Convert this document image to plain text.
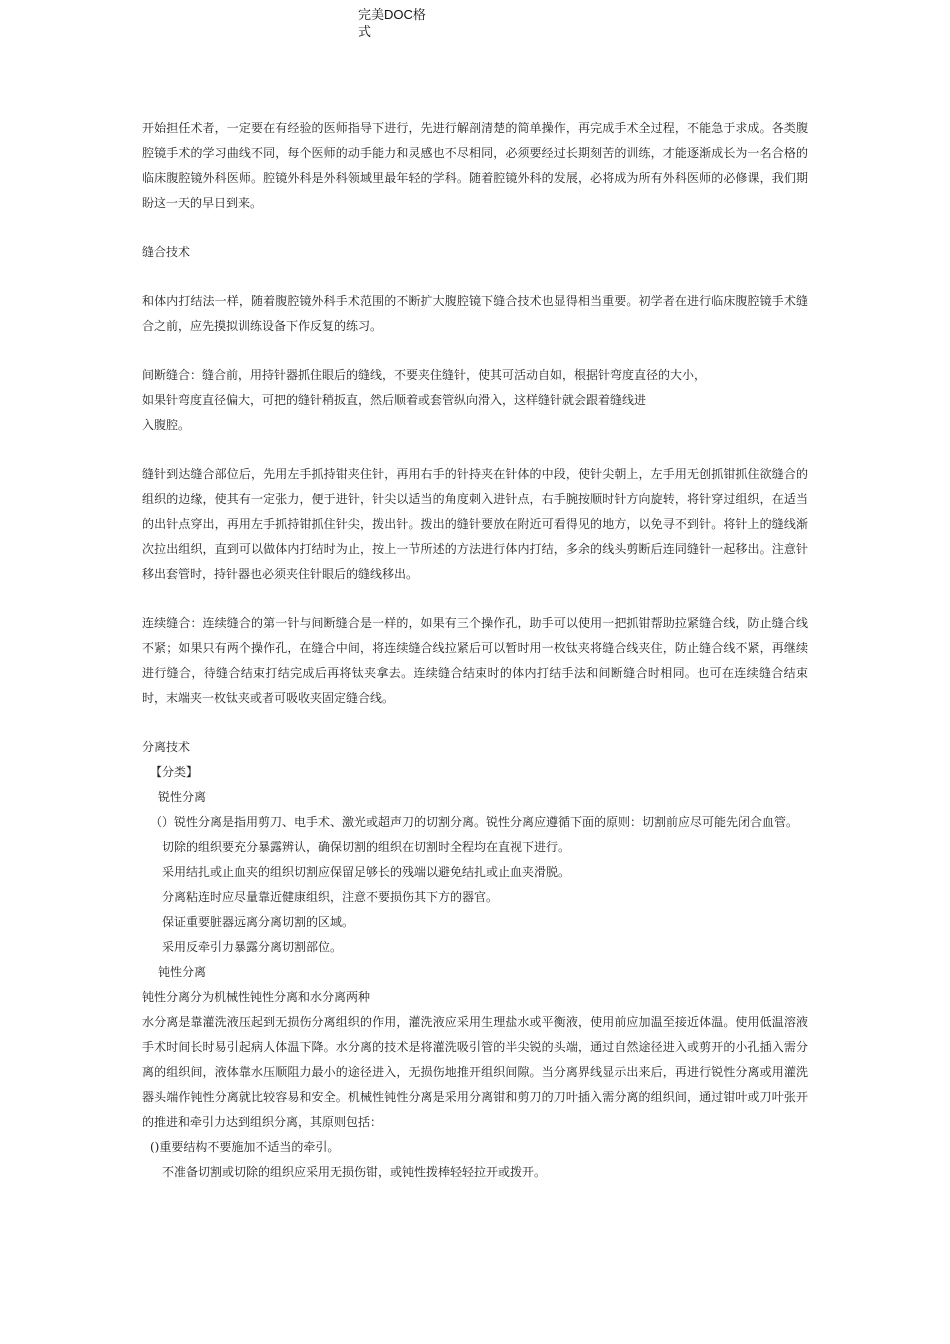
完美DOC格
式

开始担任术者，一定要在有经验的医师指导下进行，先进行解剖清楚的简单操作，再完成手术全过程，不能急于求成。各类腹腔镜手术的学习曲线不同，每个医师的动手能力和灵感也不尽相同，必须要经过长期刻苦的训练，才能逐渐成长为一名合格的临床腹腔镜外科医师。腔镜外科是外科领域里最年轻的学科。随着腔镜外科的发展，必将成为所有外科医师的必修课，我们期盼这一天的早日到来。

缝合技术

和体内打结法一样，随着腹腔镜外科手术范围的不断扩大腹腔镜下缝合技术也显得相当重要。初学者在进行临床腹腔镜手术缝合之前，应先摸拟训练设备下作反复的练习。

间断缝合：缝合前，用持针器抓住眼后的缝线，不要夹住缝针，使其可活动自如，根据针弯度直径的大小，

如果针弯度直径偏大，可把的缝针稍扳直，然后顺着或套管纵向滑入，这样缝针就会跟着缝线进

入腹腔。

缝针到达缝合部位后，先用左手抓持钳夹住针，再用右手的针持夹在针体的中段，使针尖朝上，左手用无创抓钳抓住欲缝合的组织的边缘，使其有一定张力，便于进针，针尖以适当的角度刺入进针点，右手腕按顺时针方向旋转，将针穿过组织，在适当的出针点穿出，再用左手抓持钳抓住针尖，拨出针。拨出的缝针要放在附近可看得见的地方，以免寻不到针。将针上的缝线渐次拉出组织，直到可以做体内打结时为止，按上一节所述的方法进行体内打结，多余的线头剪断后连同缝针一起移出。注意针移出套管时，持针器也必须夹住针眼后的缝线移出。

连续缝合：连续缝合的第一针与间断缝合是一样的，如果有三个操作孔，助手可以使用一把抓钳帮助拉紧缝合线，防止缝合线不紧；如果只有两个操作孔，在缝合中间，将连续缝合线拉紧后可以暂时用一枚钛夹将缝合线夹住，防止缝合线不紧，再继续进行缝合，待缝合结束打结完成后再将钛夹拿去。连续缝合结束时的体内打结手法和间断缝合时相同。也可在连续缝合结束时，末端夹一枚钛夹或者可吸收夹固定缝合线。

分离技术

【分类】

锐性分离

（）锐性分离是指用剪刀、电手术、激光或超声刀的切割分离。锐性分离应遵循下面的原则：切割前应尽可能先闭合血管。

切除的组织要充分暴露辨认，确保切割的组织在切割时全程均在直视下进行。

采用结扎或止血夹的组织切割应保留足够长的残端以避免结扎或止血夹滑脱。

分离粘连时应尽量靠近健康组织，注意不要损伤其下方的器官。

保证重要脏器远离分离切割的区域。

采用反牵引力暴露分离切割部位。

钝性分离

钝性分离分为机械性钝性分离和水分离两种

水分离是靠灌洗液压起到无损伤分离组织的作用，灌洗液应采用生理盐水或平衡液，使用前应加温至接近体温。使用低温溶液手术时间长时易引起病人体温下降。水分离的技术是将灌洗吸引管的半尖锐的头端，通过自然途径进入或剪开的小孔插入需分离的组织间，液体靠水压顺阻力最小的途径进入，无损伤地推开组织间隙。当分离界线显示出来后，再进行锐性分离或用灌洗器头端作钝性分离就比较容易和安全。机械性钝性分离是采用分离钳和剪刀的刀叶插入需分离的组织间，通过钳叶或刀叶张开的推进和牵引力达到组织分离，其原则包括：

()重要结构不要施加不适当的牵引。

不准备切割或切除的组织应采用无损伤钳，或钝性拨棒轻轻拉开或拨开。
